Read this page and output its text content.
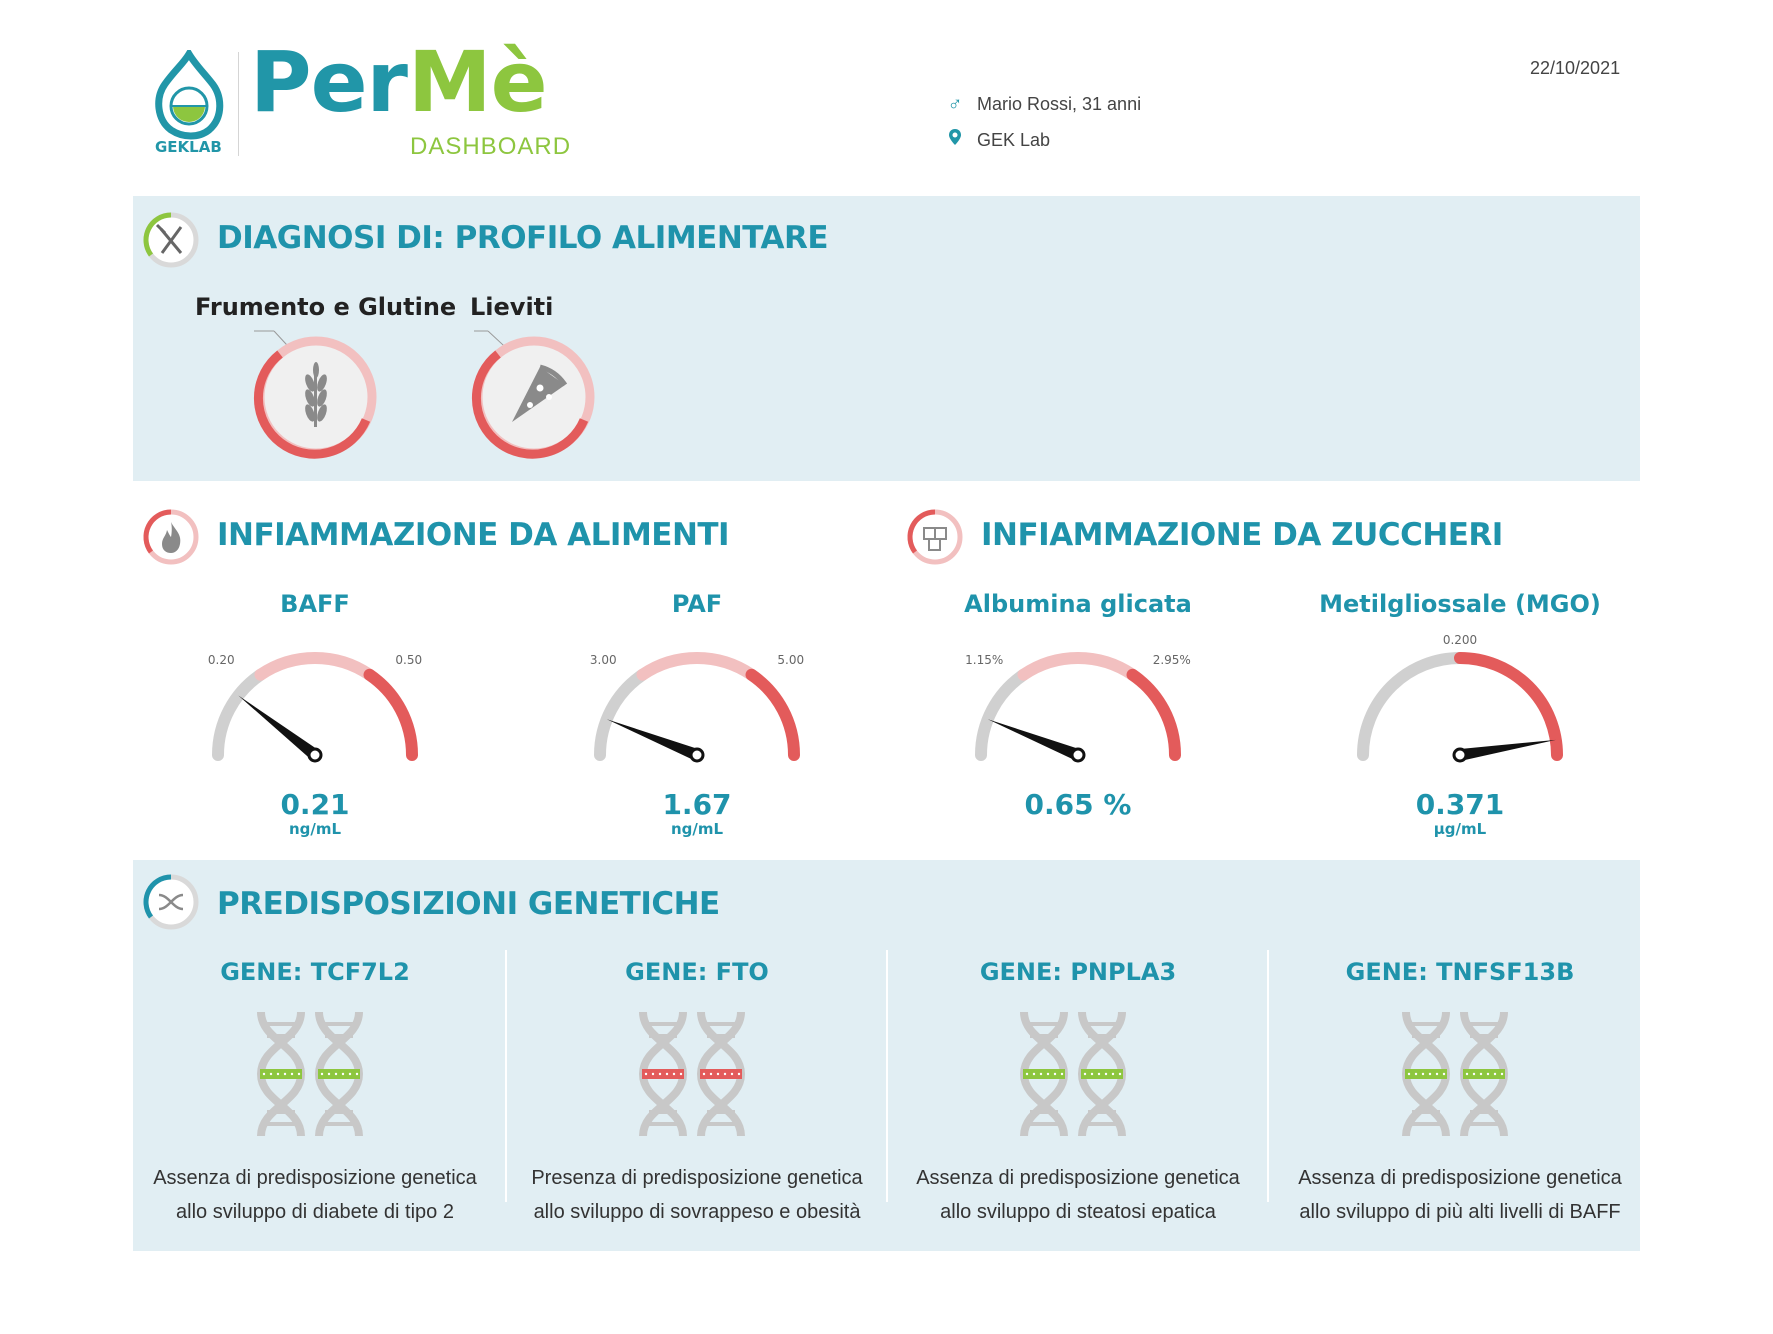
GEKLAB
Per Mè
DASHBOARD
22/10/2021
♂ Mario Rossi, 31 anni
GEK Lab
DIAGNOSI DI: PROFILO ALIMENTARE
Frumento e Glutine Lieviti
INFIAMMAZIONE DA ALIMENTI	INFIAMMAZIONE DA ZUCCHERI
BAFF	PAF	Albumina glicata	Metilgliossale (MGO)
0.20	0.50	3.00	5.00	1.15%	2.95%
0.200
0.21
ng/mL
1.67
ng/mL
0.65 %	0.371
μg/mL
PREDISPOSIZIONI GENETICHE
GENE: TCF7L2	GENE: FTO	GENE: PNPLA3	GENE: TNFSF13B
Assenza di predisposizione genetica
allo sviluppo di diabete di tipo 2
Presenza di predisposizione genetica
allo sviluppo di sovrappeso e obesità
Assenza di predisposizione genetica
allo sviluppo di steatosi epatica
Assenza di predisposizione genetica
allo sviluppo di più alti livelli di BAFF
